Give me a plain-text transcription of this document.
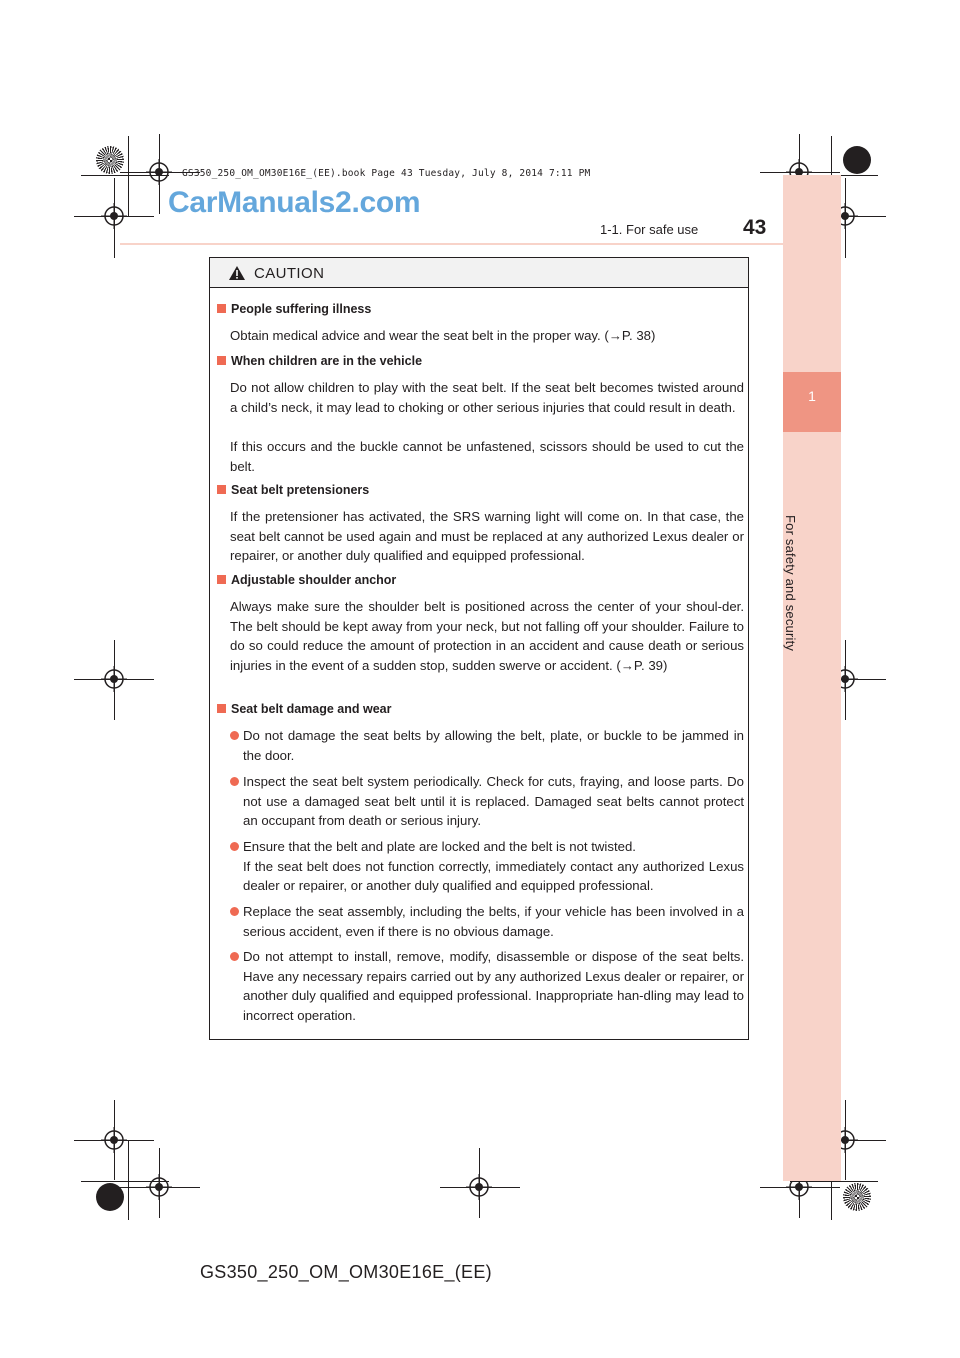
1
For safety and security
GS350_250_OM_OM30E16E_(EE).book Page 43 Tuesday, July 8, 2014 7:11 PM
CarManuals2.com
1-1. For safe use 43
CAUTION
People suffering illness
Obtain medical advice and wear the seat belt in the proper way. (→P. 38)
When children are in the vehicle
Do not allow children to play with the seat belt. If the seat belt becomes twisted around a child’s neck, it may lead to choking or other serious injuries that could result in death.
If this occurs and the buckle cannot be unfastened, scissors should be used to cut the belt.
Seat belt pretensioners
If the pretensioner has activated, the SRS warning light will come on. In that case, the seat belt cannot be used again and must be replaced at any authorized Lexus dealer or repairer, or another duly qualified and equipped professional.
Adjustable shoulder anchor
Always make sure the shoulder belt is positioned across the center of your shoul-der. The belt should be kept away from your neck, but not falling off your shoulder. Failure to do so could reduce the amount of protection in an accident and cause death or serious injuries in the event of a sudden stop, sudden swerve or accident. (→P. 39)
Seat belt damage and wear
Do not damage the seat belts by allowing the belt, plate, or buckle to be jammed in the door.
Inspect the seat belt system periodically. Check for cuts, fraying, and loose parts. Do not use a damaged seat belt until it is replaced. Damaged seat belts cannot protect an occupant from death or serious injury.
Ensure that the belt and plate are locked and the belt is not twisted.
If the seat belt does not function correctly, immediately contact any authorized Lexus dealer or repairer, or another duly qualified and equipped professional.
Replace the seat assembly, including the belts, if your vehicle has been involved in a serious accident, even if there is no obvious damage.
Do not attempt to install, remove, modify, disassemble or dispose of the seat belts. Have any necessary repairs carried out by any authorized Lexus dealer or repairer, or another duly qualified and equipped professional. Inappropriate han-dling may lead to incorrect operation.
GS350_250_OM_OM30E16E_(EE)
